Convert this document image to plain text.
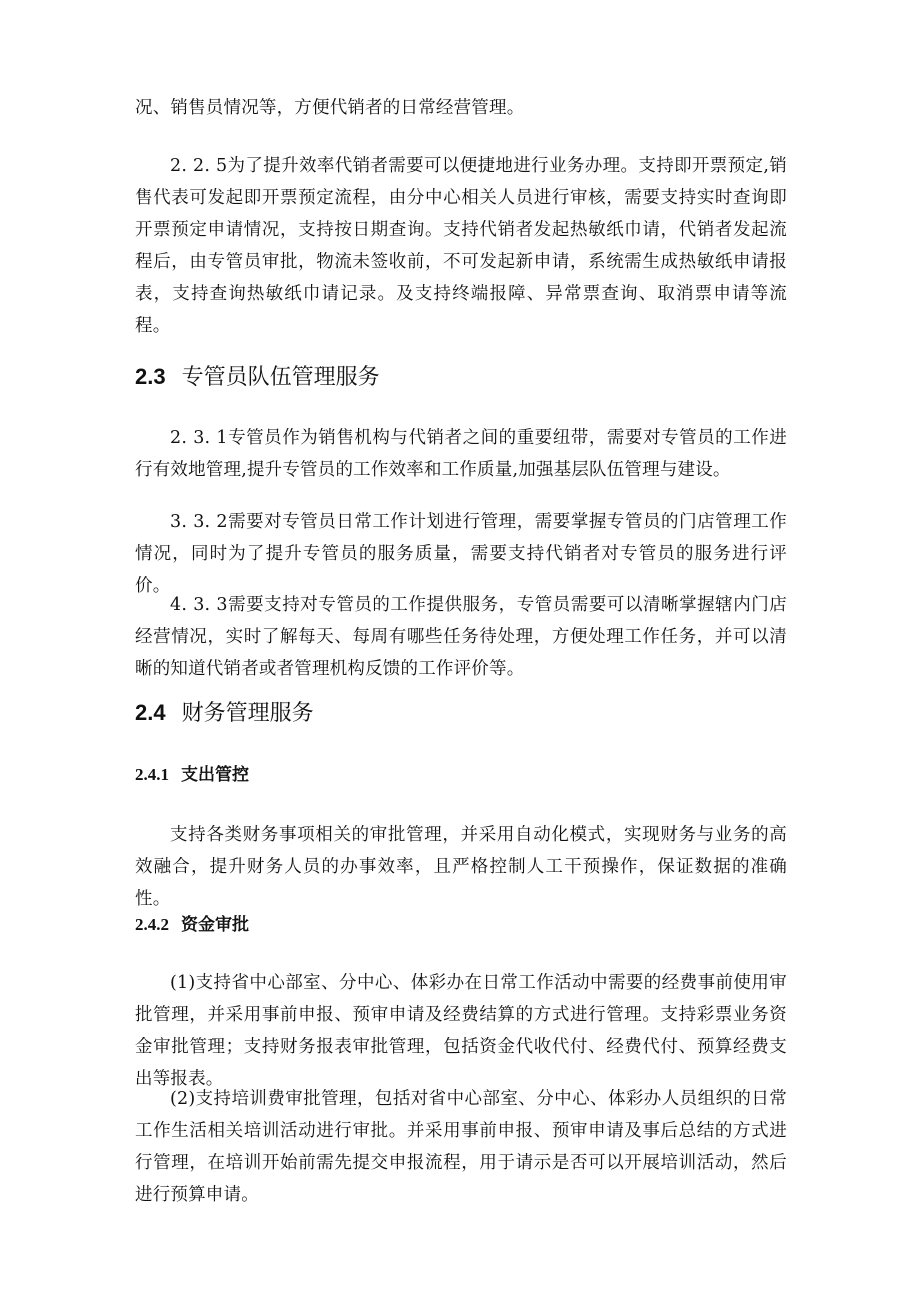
况、销售员情况等，方便代销者的日常经营管理。

2. 2. 5为了提升效率代销者需要可以便捷地进行业务办理。支持即开票预定,销售代表可发起即开票预定流程，由分中心相关人员进行审核，需要支持实时查询即开票预定申请情况，支持按日期查询。支持代销者发起热敏纸巾请，代销者发起流程后，由专管员审批，物流未签收前，不可发起新申请，系统需生成热敏纸申请报表，支持查询热敏纸巾请记录。及支持终端报障、异常票查询、取消票申请等流程。

2.3 专管员队伍管理服务

2. 3. 1专管员作为销售机构与代销者之间的重要纽带，需要对专管员的工作进行有效地管理,提升专管员的工作效率和工作质量,加强基层队伍管理与建设。

3. 3. 2需要对专管员日常工作计划进行管理，需要掌握专管员的门店管理工作情况，同时为了提升专管员的服务质量，需要支持代销者对专管员的服务进行评价。

4. 3. 3需要支持对专管员的工作提供服务，专管员需要可以清晰掌握辖内门店经营情况，实时了解每天、每周有哪些任务待处理，方便处理工作任务，并可以清晰的知道代销者或者管理机构反馈的工作评价等。

2.4 财务管理服务
2.4.1 支出管控

支持各类财务事项相关的审批管理，并采用自动化模式，实现财务与业务的高效融合，提升财务人员的办事效率，且严格控制人工干预操作，保证数据的准确性。

2.4.2 资金审批

(1)支持省中心部室、分中心、体彩办在日常工作活动中需要的经费事前使用审批管理，并采用事前申报、预审申请及经费结算的方式进行管理。支持彩票业务资金审批管理；支持财务报表审批管理，包括资金代收代付、经费代付、预算经费支出等报表。

(2)支持培训费审批管理，包括对省中心部室、分中心、体彩办人员组织的日常工作生活相关培训活动进行审批。并采用事前申报、预审申请及事后总结的方式进行管理，在培训开始前需先提交申报流程，用于请示是否可以开展培训活动，然后进行预算申请。
